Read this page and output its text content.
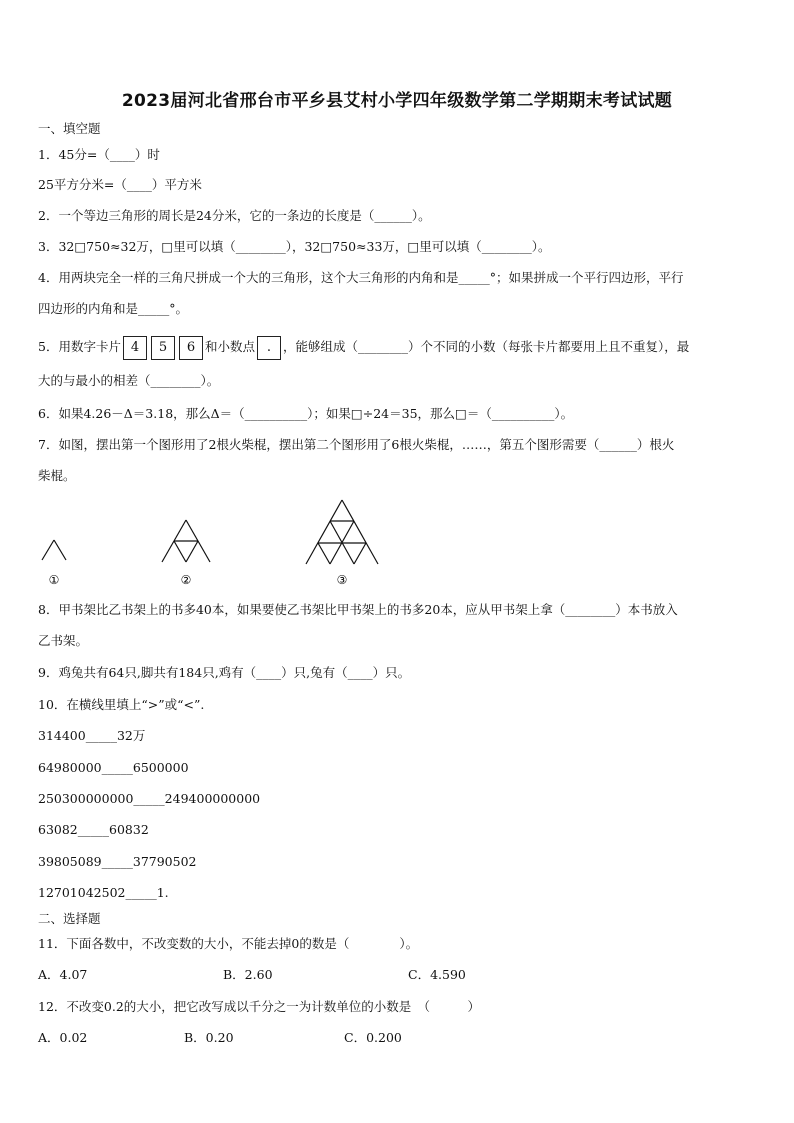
2023届河北省邢台市平乡县艾村小学四年级数学第二学期期末考试试题
一、填空题
1．45分=（____）时
25平方分米=（____）平方米
2．一个等边三角形的周长是24分米，它的一条边的长度是（______）。
3．32□750≈32万，□里可以填（________），32□750≈33万，□里可以填（________）。
4．用两块完全一样的三角尺拼成一个大的三角形，这个大三角形的内角和是_____°；如果拼成一个平行四边形，平行
四边形的内角和是_____°。
5．用数字卡片 4 5 6 和小数点 . ，能够组成（________）个不同的小数（每张卡片都要用上且不重复），最
大的与最小的相差（________）。
6．如果4.26－Δ＝3.18，那么Δ＝（__________）；如果□÷24＝35，那么□＝（__________）。
7．如图，摆出第一个图形用了2根火柴棍，摆出第二个图形用了6根火柴棍，……，第五个图形需要（______）根火
柴棍。
①	②	③
8．甲书架比乙书架上的书多40本，如果要使乙书架比甲书架上的书多20本，应从甲书架上拿（________）本书放入
乙书架。
9．鸡兔共有64只,脚共有184只,鸡有（____）只,兔有（____）只。
10．在横线里填上“>”或“<”.
314400_____32万
64980000_____6500000
250300000000_____249400000000
63082_____60832
39805089_____37790502
12701042502_____1.
二、选择题
11．下面各数中，不改变数的大小，不能去掉0的数是（　　　　）。
A．4.07	B．2.60	C．4.590
12．不改变0.2的大小，把它改写成以千分之一为计数单位的小数是　（　　　）
A．0.02	B．0.20	C．0.200
